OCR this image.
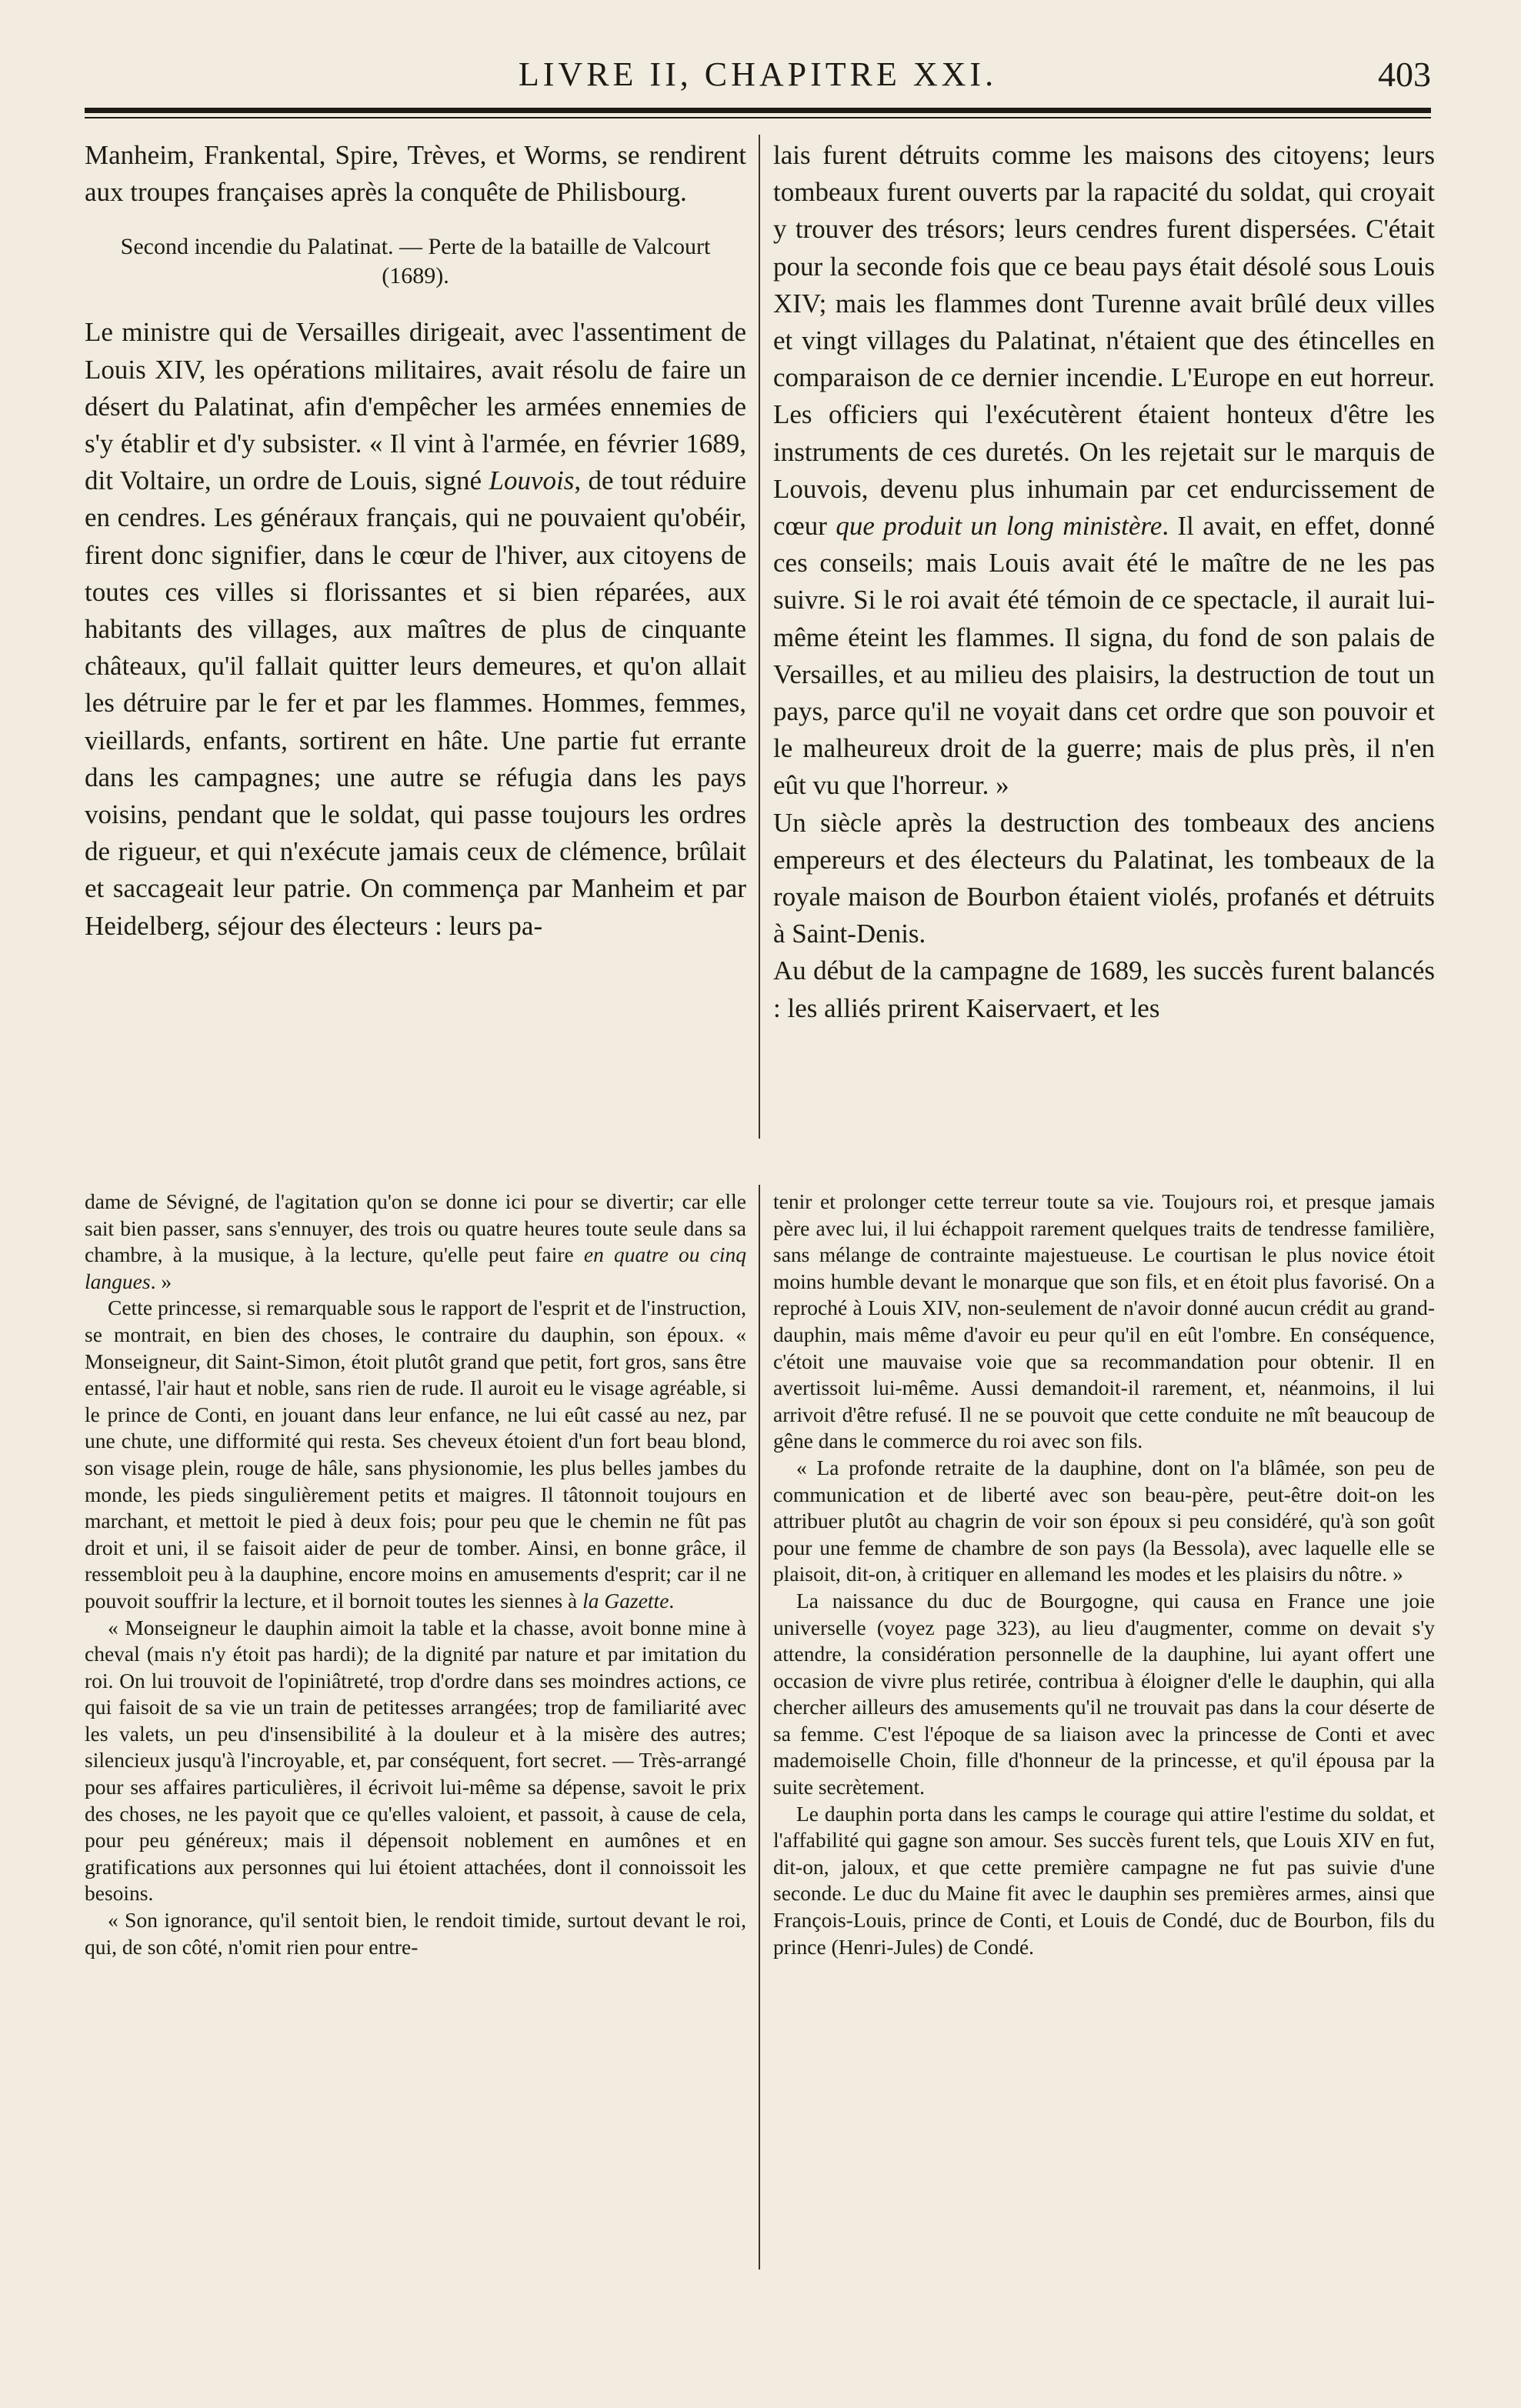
LIVRE II, CHAPITRE XXI.	403

Manheim, Frankental, Spire, Trèves, et Worms, se rendirent aux troupes françaises après la conquête de Philisbourg.

Second incendie du Palatinat. — Perte de la bataille de Valcourt (1689).

Le ministre qui de Versailles dirigeait, avec l'assentiment de Louis XIV, les opérations militaires, avait résolu de faire un désert du Palatinat, afin d'empêcher les armées ennemies de s'y établir et d'y subsister. « Il vint à l'armée, en février 1689, dit Voltaire, un ordre de Louis, signé Louvois, de tout réduire en cendres. Les généraux français, qui ne pouvaient qu'obéir, firent donc signifier, dans le cœur de l'hiver, aux citoyens de toutes ces villes si florissantes et si bien réparées, aux habitants des villages, aux maîtres de plus de cinquante châteaux, qu'il fallait quitter leurs demeures, et qu'on allait les détruire par le fer et par les flammes. Hommes, femmes, vieillards, enfants, sortirent en hâte. Une partie fut errante dans les campagnes; une autre se réfugia dans les pays voisins, pendant que le soldat, qui passe toujours les ordres de rigueur, et qui n'exécute jamais ceux de clémence, brûlait et saccageait leur patrie. On commença par Manheim et par Heidelberg, séjour des électeurs : leurs pa-

lais furent détruits comme les maisons des citoyens; leurs tombeaux furent ouverts par la rapacité du soldat, qui croyait y trouver des trésors; leurs cendres furent dispersées. C'était pour la seconde fois que ce beau pays était désolé sous Louis XIV; mais les flammes dont Turenne avait brûlé deux villes et vingt villages du Palatinat, n'étaient que des étincelles en comparaison de ce dernier incendie. L'Europe en eut horreur. Les officiers qui l'exécutèrent étaient honteux d'être les instruments de ces duretés. On les rejetait sur le marquis de Louvois, devenu plus inhumain par cet endurcissement de cœur que produit un long ministère. Il avait, en effet, donné ces conseils; mais Louis avait été le maître de ne les pas suivre. Si le roi avait été témoin de ce spectacle, il aurait lui-même éteint les flammes. Il signa, du fond de son palais de Versailles, et au milieu des plaisirs, la destruction de tout un pays, parce qu'il ne voyait dans cet ordre que son pouvoir et le malheureux droit de la guerre; mais de plus près, il n'en eût vu que l'horreur. »

Un siècle après la destruction des tombeaux des anciens empereurs et des électeurs du Palatinat, les tombeaux de la royale maison de Bourbon étaient violés, profanés et détruits à Saint-Denis.

Au début de la campagne de 1689, les succès furent balancés : les alliés prirent Kaiservaert, et les

dame de Sévigné, de l'agitation qu'on se donne ici pour se divertir; car elle sait bien passer, sans s'ennuyer, des trois ou quatre heures toute seule dans sa chambre, à la musique, à la lecture, qu'elle peut faire en quatre ou cinq langues. »

Cette princesse, si remarquable sous le rapport de l'esprit et de l'instruction, se montrait, en bien des choses, le contraire du dauphin, son époux. « Monseigneur, dit Saint-Simon, étoit plutôt grand que petit, fort gros, sans être entassé, l'air haut et noble, sans rien de rude. Il auroit eu le visage agréable, si le prince de Conti, en jouant dans leur enfance, ne lui eût cassé au nez, par une chute, une difformité qui resta. Ses cheveux étoient d'un fort beau blond, son visage plein, rouge de hâle, sans physionomie, les plus belles jambes du monde, les pieds singulièrement petits et maigres. Il tâtonnoit toujours en marchant, et mettoit le pied à deux fois; pour peu que le chemin ne fût pas droit et uni, il se faisoit aider de peur de tomber. Ainsi, en bonne grâce, il ressembloit peu à la dauphine, encore moins en amusements d'esprit; car il ne pouvoit souffrir la lecture, et il bornoit toutes les siennes à la Gazette.

« Monseigneur le dauphin aimoit la table et la chasse, avoit bonne mine à cheval (mais n'y étoit pas hardi); de la dignité par nature et par imitation du roi. On lui trouvoit de l'opiniâtreté, trop d'ordre dans ses moindres actions, ce qui faisoit de sa vie un train de petitesses arrangées; trop de familiarité avec les valets, un peu d'insensibilité à la douleur et à la misère des autres; silencieux jusqu'à l'incroyable, et, par conséquent, fort secret. — Très-arrangé pour ses affaires particulières, il écrivoit lui-même sa dépense, savoit le prix des choses, ne les payoit que ce qu'elles valoient, et passoit, à cause de cela, pour peu généreux; mais il dépensoit noblement en aumônes et en gratifications aux personnes qui lui étoient attachées, dont il connoissoit les besoins.

« Son ignorance, qu'il sentoit bien, le rendoit timide, surtout devant le roi, qui, de son côté, n'omit rien pour entre-

tenir et prolonger cette terreur toute sa vie. Toujours roi, et presque jamais père avec lui, il lui échappoit rarement quelques traits de tendresse familière, sans mélange de contrainte majestueuse. Le courtisan le plus novice étoit moins humble devant le monarque que son fils, et en étoit plus favorisé. On a reproché à Louis XIV, non-seulement de n'avoir donné aucun crédit au grand-dauphin, mais même d'avoir eu peur qu'il en eût l'ombre. En conséquence, c'étoit une mauvaise voie que sa recommandation pour obtenir. Il en avertissoit lui-même. Aussi demandoit-il rarement, et, néanmoins, il lui arrivoit d'être refusé. Il ne se pouvoit que cette conduite ne mît beaucoup de gêne dans le commerce du roi avec son fils.

« La profonde retraite de la dauphine, dont on l'a blâmée, son peu de communication et de liberté avec son beau-père, peut-être doit-on les attribuer plutôt au chagrin de voir son époux si peu considéré, qu'à son goût pour une femme de chambre de son pays (la Bessola), avec laquelle elle se plaisoit, dit-on, à critiquer en allemand les modes et les plaisirs du nôtre. »

La naissance du duc de Bourgogne, qui causa en France une joie universelle (voyez page 323), au lieu d'augmenter, comme on devait s'y attendre, la considération personnelle de la dauphine, lui ayant offert une occasion de vivre plus retirée, contribua à éloigner d'elle le dauphin, qui alla chercher ailleurs des amusements qu'il ne trouvait pas dans la cour déserte de sa femme. C'est l'époque de sa liaison avec la princesse de Conti et avec mademoiselle Choin, fille d'honneur de la princesse, et qu'il épousa par la suite secrètement.

Le dauphin porta dans les camps le courage qui attire l'estime du soldat, et l'affabilité qui gagne son amour. Ses succès furent tels, que Louis XIV en fut, dit-on, jaloux, et que cette première campagne ne fut pas suivie d'une seconde. Le duc du Maine fit avec le dauphin ses premières armes, ainsi que François-Louis, prince de Conti, et Louis de Condé, duc de Bourbon, fils du prince (Henri-Jules) de Condé.
